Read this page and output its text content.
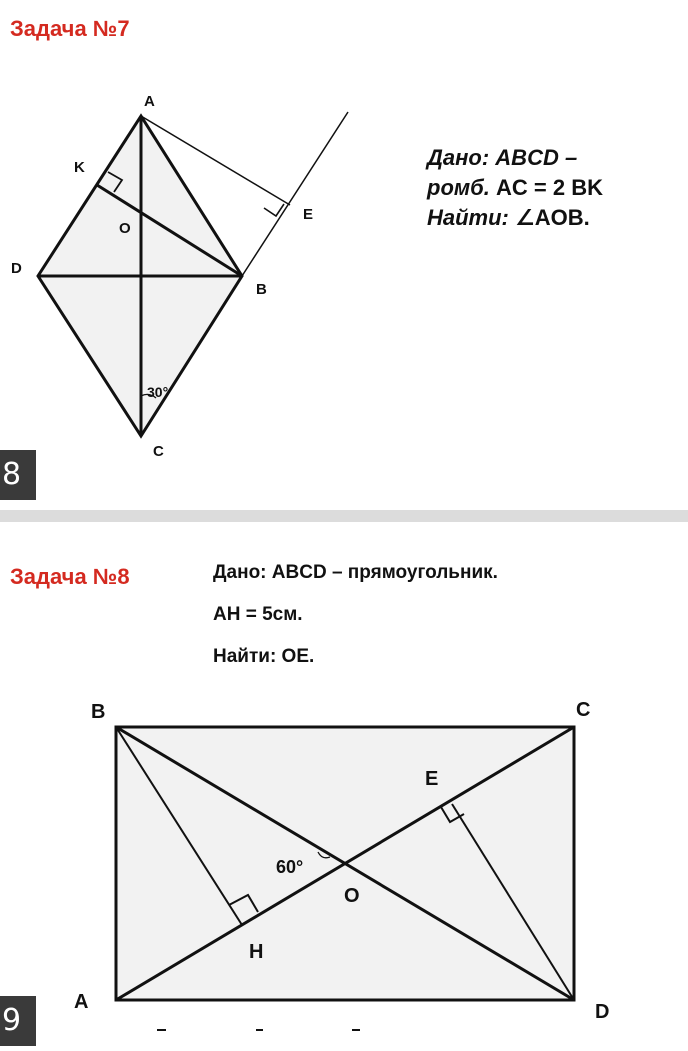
Задача №7
A
B
C
D
K
O
E
30°
Дано: ABCD –
ромб. AC = 2 BK
Найти: ∠AOB.
8
Задача №8	Дано: ABCD – прямоугольник.
AH = 5см.
Найти: OE.
B	C
A	D
E
O
H
60°
9
